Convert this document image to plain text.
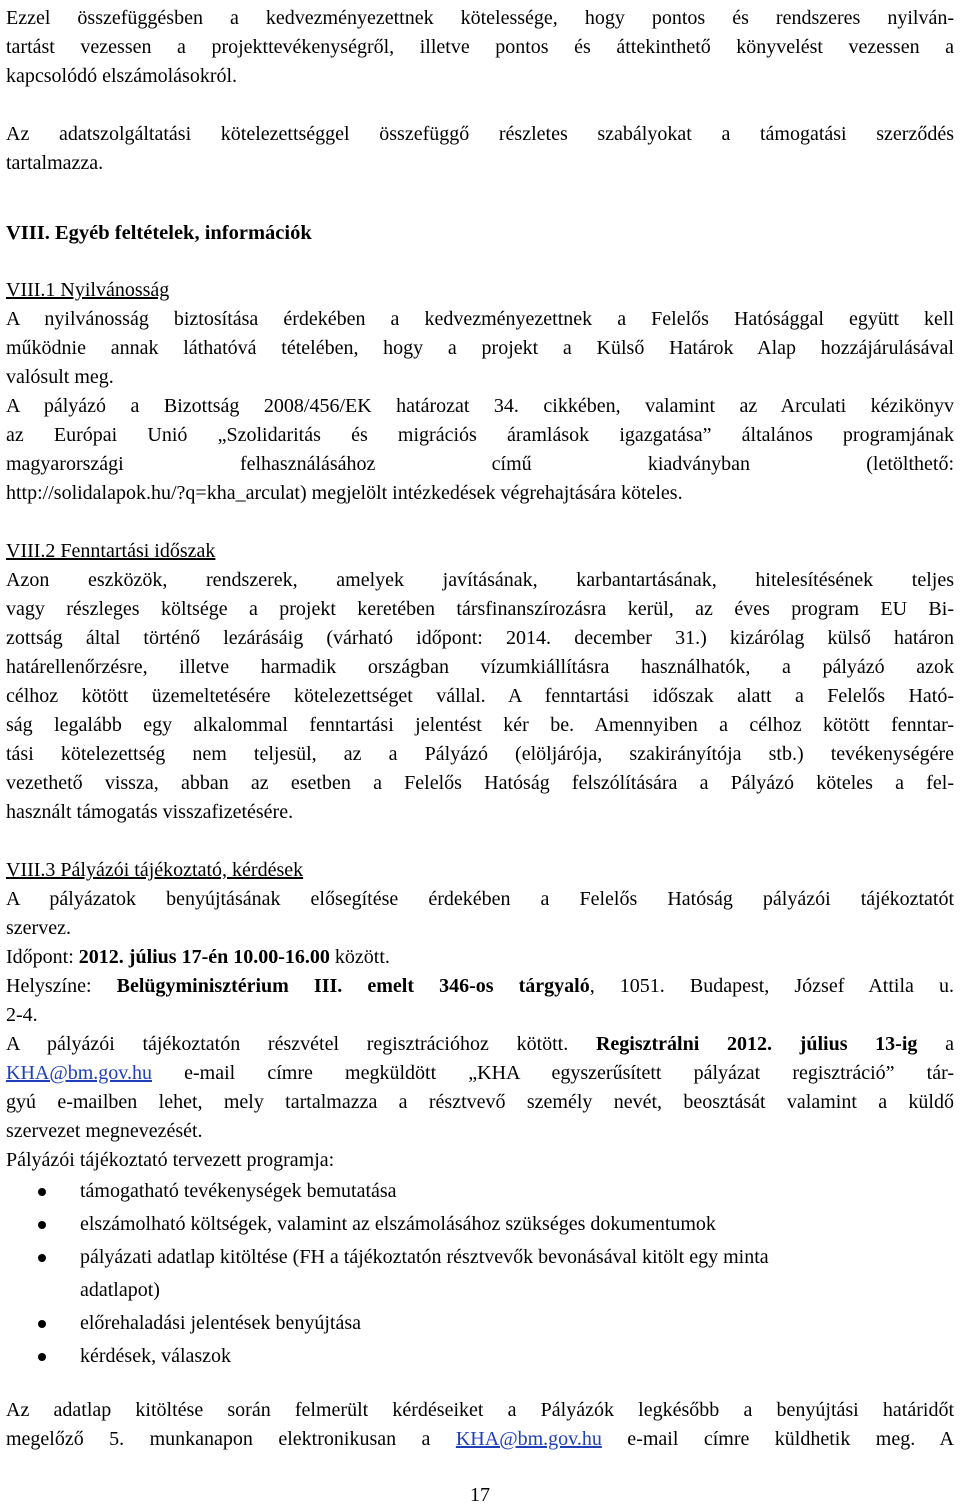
Ezzel összefüggésben a kedvezményezettnek kötelessége, hogy pontos és rendszeres nyilván-
tartást vezessen a projekttevékenységről, illetve pontos és áttekinthető könyvelést vezessen a
kapcsolódó elszámolásokról.
Az adatszolgáltatási kötelezettséggel összefüggő részletes szabályokat a támogatási szerződés
tartalmazza.
VIII. Egyéb feltételek, információk
VIII.1 Nyilvánosság
A nyilvánosság biztosítása érdekében a kedvezményezettnek a Felelős Hatósággal együtt kell
működnie annak láthatóvá tételében, hogy a projekt a Külső Határok Alap hozzájárulásával
valósult meg.
A pályázó a Bizottság 2008/456/EK határozat 34. cikkében, valamint az Arculati kézikönyv
az Európai Unió „Szolidaritás és migrációs áramlások igazgatása” általános programjának
magyarországi felhasználásához című kiadványban (letölthető:
http://solidalapok.hu/?q=kha_arculat) megjelölt intézkedések végrehajtására köteles.
VIII.2 Fenntartási időszak
Azon eszközök, rendszerek, amelyek javításának, karbantartásának, hitelesítésének teljes
vagy részleges költsége a projekt keretében társfinanszírozásra kerül, az éves program EU Bi-
zottság által történő lezárásáig (várható időpont: 2014. december 31.) kizárólag külső határon
határellenőrzésre, illetve harmadik országban vízumkiállításra használhatók, a pályázó azok
célhoz kötött üzemeltetésére kötelezettséget vállal. A fenntartási időszak alatt a Felelős Ható-
ság legalább egy alkalommal fenntartási jelentést kér be. Amennyiben a célhoz kötött fenntar-
tási kötelezettség nem teljesül, az a Pályázó (elöljárója, szakirányítója stb.) tevékenységére
vezethető vissza, abban az esetben a Felelős Hatóság felszólítására a Pályázó köteles a fel-
használt támogatás visszafizetésére.
VIII.3 Pályázói tájékoztató, kérdések
A pályázatok benyújtásának elősegítése érdekében a Felelős Hatóság pályázói tájékoztatót
szervez.
Időpont: 2012. július 17-én 10.00-16.00 között.
Helyszíne: Belügyminisztérium III. emelt 346-os tárgyaló, 1051. Budapest, József Attila u.
2-4.
A pályázói tájékoztatón részvétel regisztrációhoz kötött. Regisztrálni 2012. július 13-ig a
KHA@bm.gov.hu e-mail címre megküldött „KHA egyszerűsített pályázat regisztráció” tár-
gyú e-mailben lehet, mely tartalmazza a résztvevő személy nevét, beosztását valamint a küldő
szervezet megnevezését.
Pályázói tájékoztató tervezett programja:
támogatható tevékenységek bemutatása
elszámolható költségek, valamint az elszámolásához szükséges dokumentumok
pályázati adatlap kitöltése (FH a tájékoztatón résztvevők bevonásával kitölt egy minta
adatlapot)
előrehaladási jelentések benyújtása
kérdések, válaszok
Az adatlap kitöltése során felmerült kérdéseiket a Pályázók legkésőbb a benyújtási határidőt
megelőző 5. munkanapon elektronikusan a KHA@bm.gov.hu e-mail címre küldhetik meg. A
17
